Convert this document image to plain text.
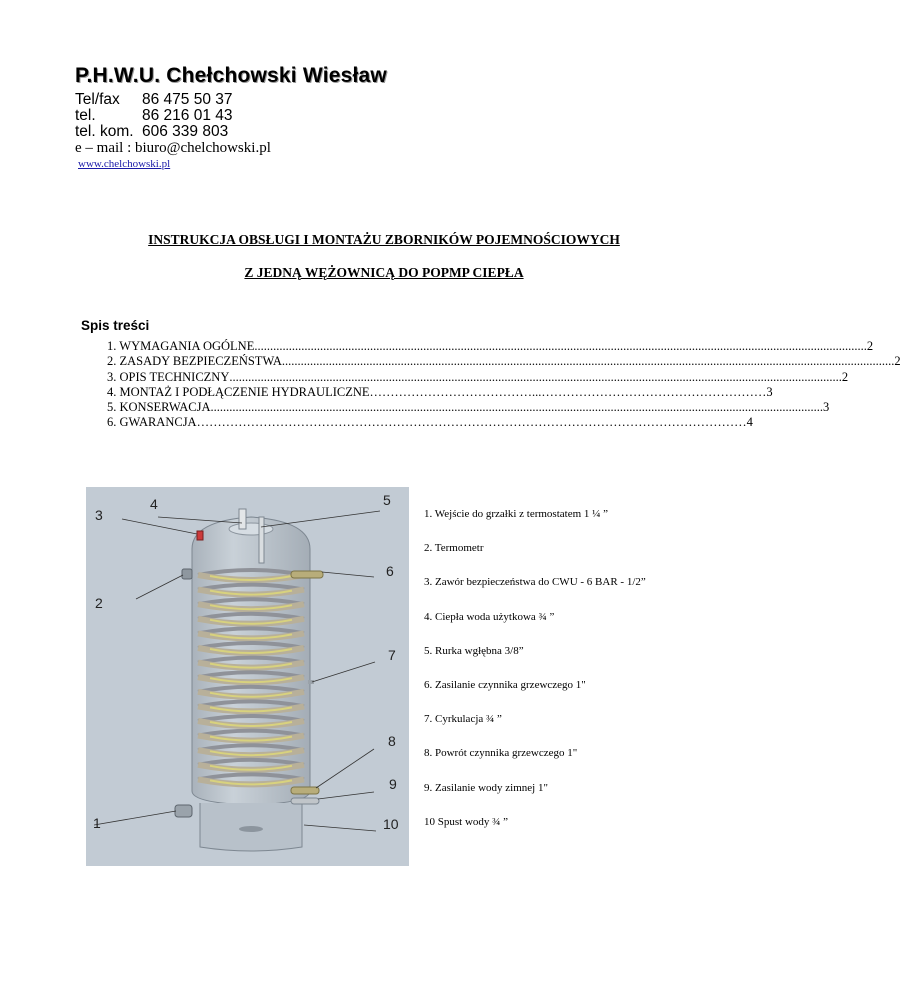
P.H.W.U. Chełchowski Wiesław
Tel/fax 86 475 50 37
tel.	86 216 01 43
tel. kom. 606 339 803
e – mail : biuro@chelchowski.pl
www.chelchowski.pl
INSTRUKCJA OBSŁUGI I MONTAŻU ZBORNIKÓW POJEMNOŚCIOWYCH
Z JEDNĄ WĘŻOWNICĄ DO POPMP CIEPŁA
Spis treści
1. WYMAGANIA OGÓLNE .................................................................................................................................................................................................... 2
2. ZASADY BEZPIECZEŃSTWA .................................................................................................................................................................................................... 2
3. OPIS TECHNICZNY .................................................................................................................................................................................................... 2
4. MONTAŻ I PODŁĄCZENIE HYDRAULICZNE …………………………………...……………………………………………… 3
5. KONSERWACJA .................................................................................................................................................................................................... 3
6. GWARANCJA …………………………………………………………………………………………………………………… 4
1
2
3
4	5
6
7
8
9
10
1. Wejście do grzałki z termostatem 1 ¼ ”
2. Termometr
3. Zawór bezpieczeństwa do CWU - 6 BAR - 1/2”
4. Ciepła woda użytkowa ¾ ”
5. Rurka wgłębna 3/8”
6. Zasilanie czynnika grzewczego 1"
7. Cyrkulacja ¾ ”
8. Powrót czynnika grzewczego 1"
9. Zasilanie wody zimnej 1"
10 Spust wody ¾ ”
